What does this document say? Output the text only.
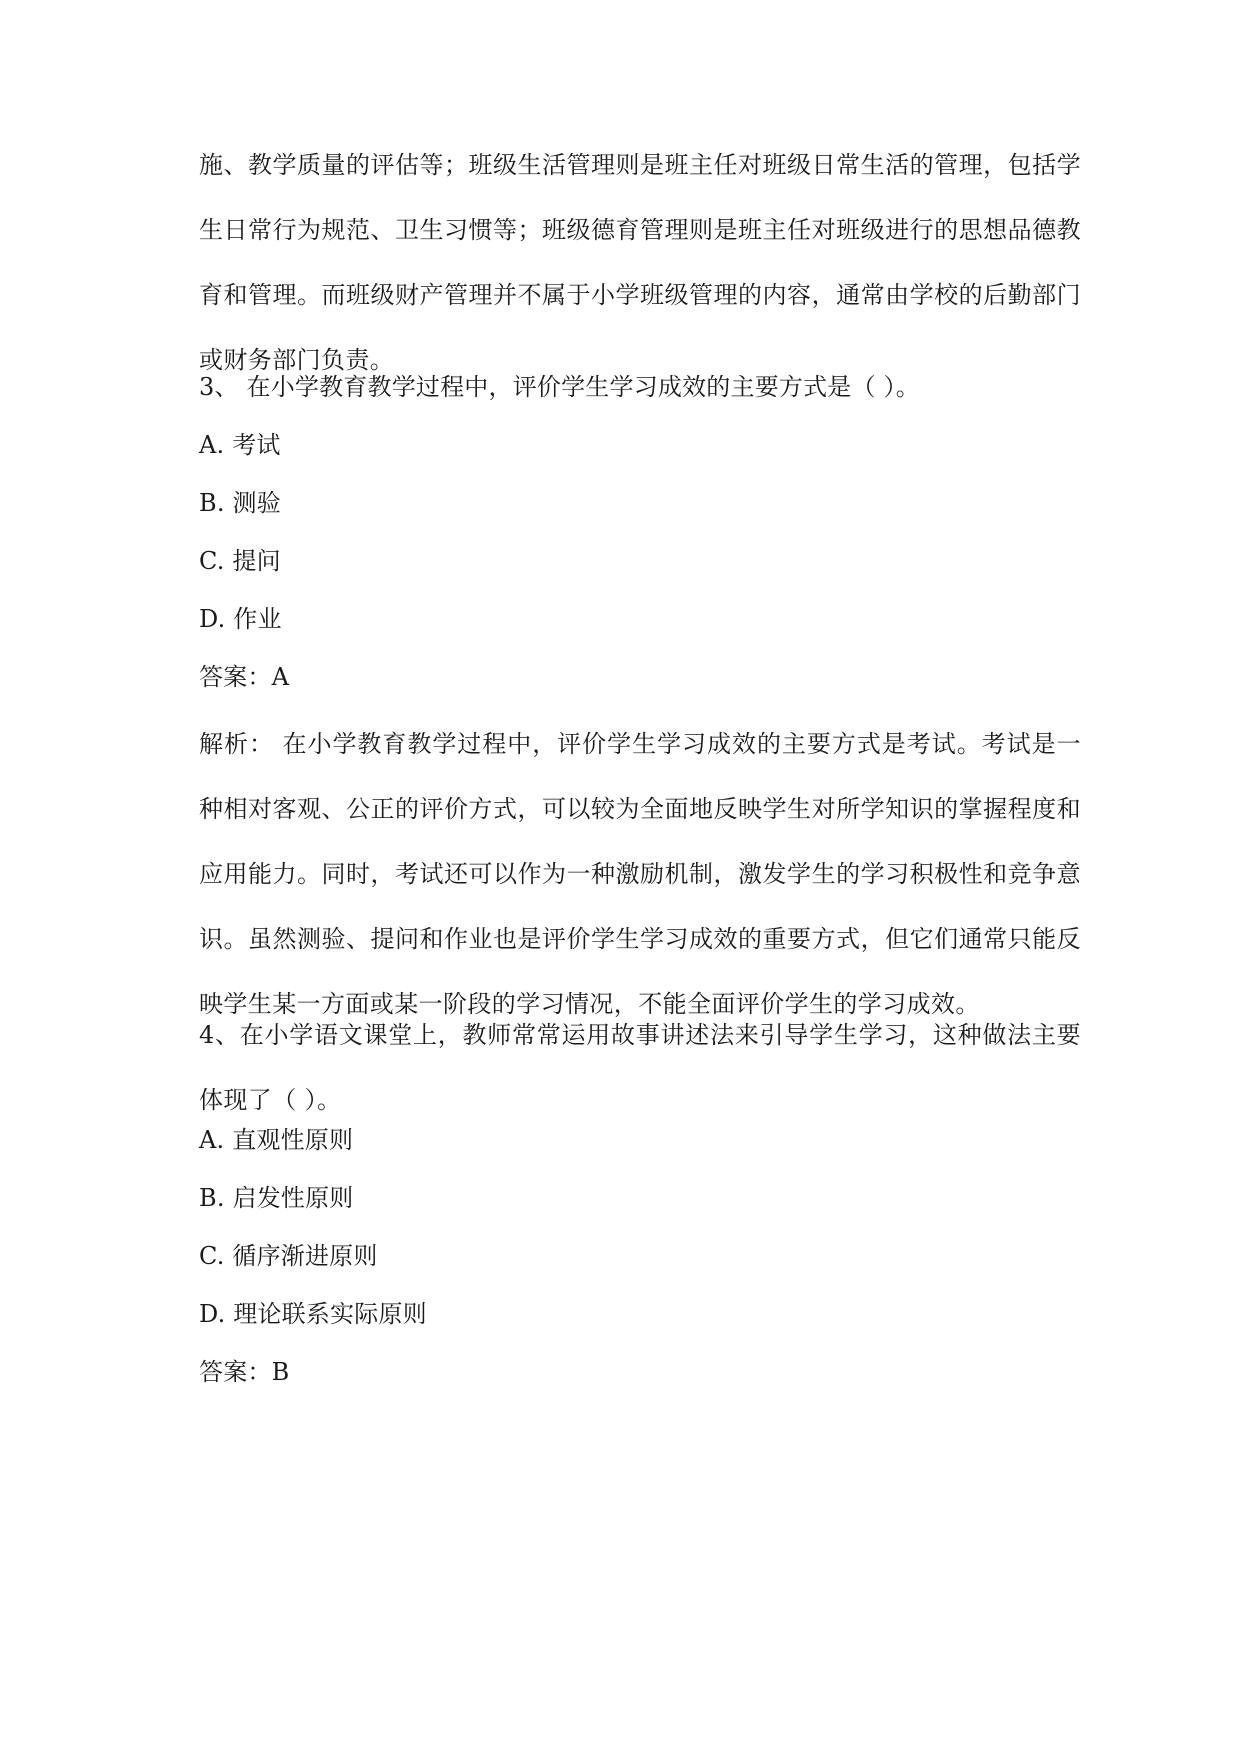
施、教学质量的评估等；班级生活管理则是班主任对班级日常生活的管理，包括学生日常行为规范、卫生习惯等；班级德育管理则是班主任对班级进行的思想品德教育和管理。而班级财产管理并不属于小学班级管理的内容，通常由学校的后勤部门或财务部门负责。
3、 在小学教育教学过程中，评价学生学习成效的主要方式是（ ）。
A. 考试
B. 测验
C. 提问
D. 作业
答案：A
解析： 在小学教育教学过程中，评价学生学习成效的主要方式是考试。考试是一种相对客观、公正的评价方式，可以较为全面地反映学生对所学知识的掌握程度和应用能力。同时，考试还可以作为一种激励机制，激发学生的学习积极性和竞争意识。虽然测验、提问和作业也是评价学生学习成效的重要方式，但它们通常只能反映学生某一方面或某一阶段的学习情况，不能全面评价学生的学习成效。
4、在小学语文课堂上，教师常常运用故事讲述法来引导学生学习，这种做法主要体现了（ ）。
A. 直观性原则
B. 启发性原则
C. 循序渐进原则
D. 理论联系实际原则
答案：B
